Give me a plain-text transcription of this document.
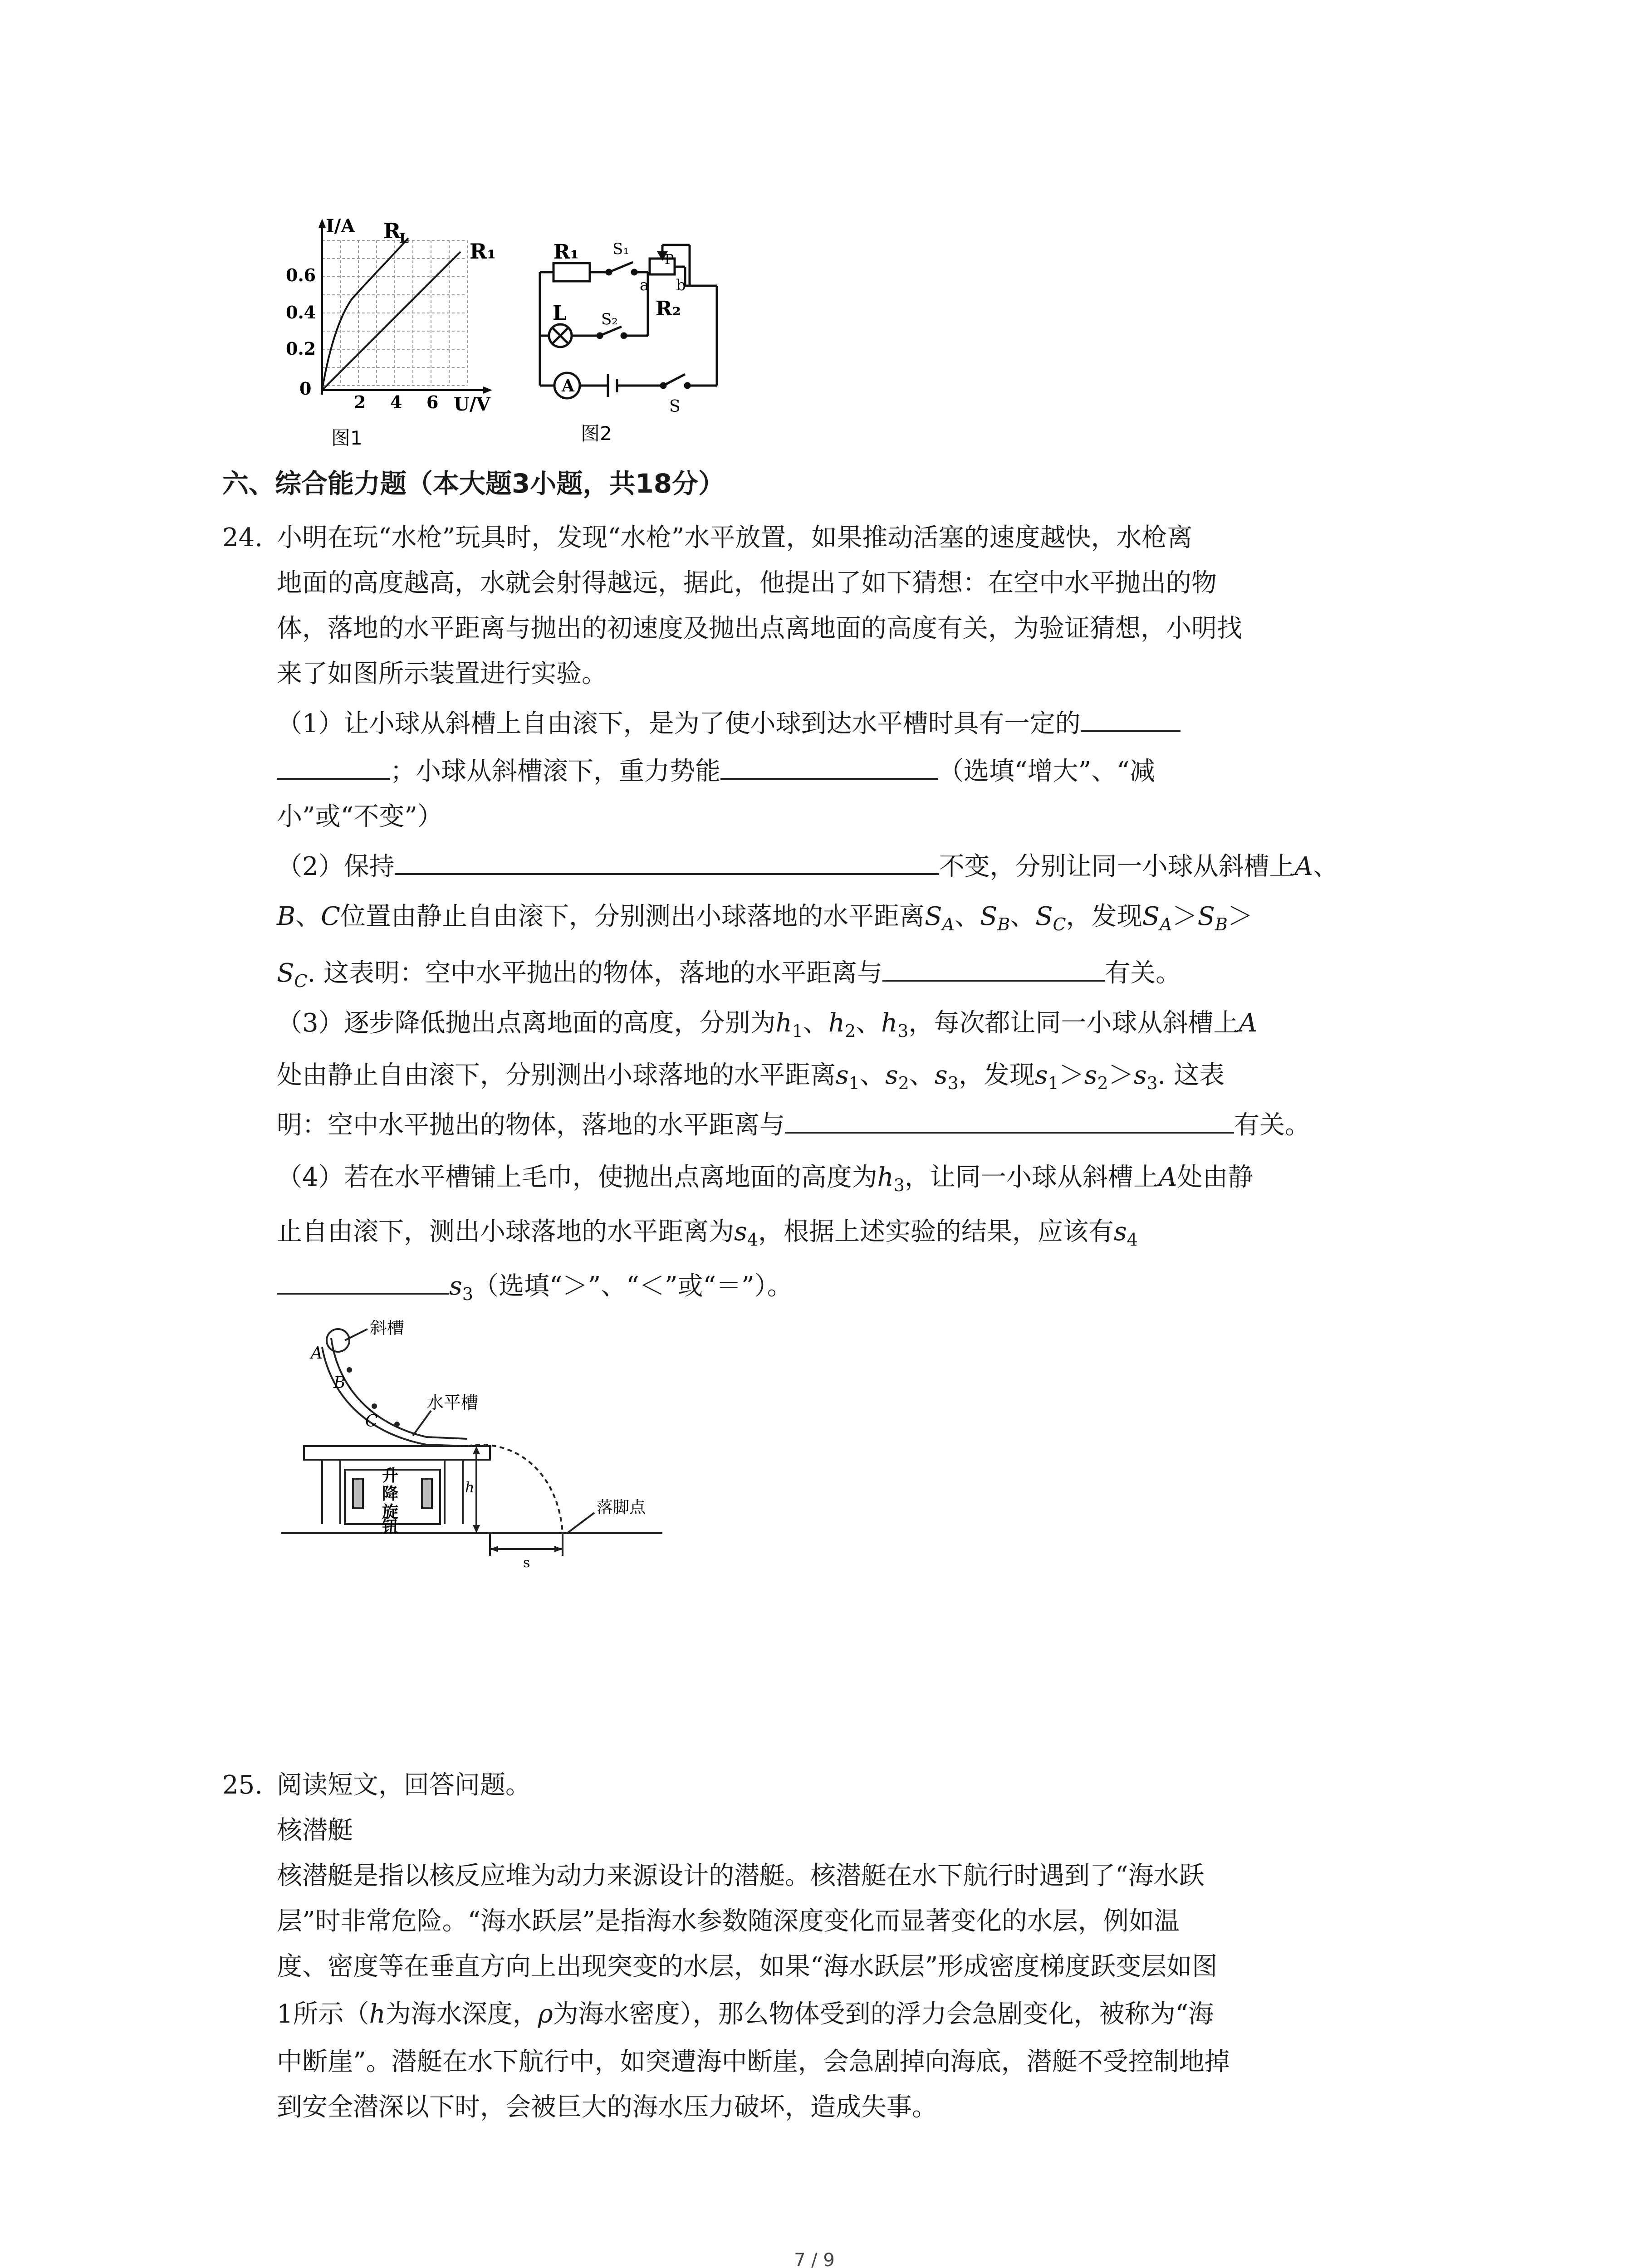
I/A R
L
R₁
0.6
0.4
0.2
0
2 4 6 U/V
图1
R₁ S₁
P
a b
R₂
L S₂
A
S
图2
六、综合能力题（本大题3小题，共18分）
24. 小明在玩“水枪”玩具时，发现“水枪”水平放置，如果推动活塞的速度越快，水枪离
地面的高度越高，水就会射得越远，据此，他提出了如下猜想：在空中水平抛出的物
体，落地的水平距离与抛出的初速度及抛出点离地面的高度有关，为验证猜想，小明找
来了如图所示装置进行实验。
（1）让小球从斜槽上自由滚下，是为了使小球到达水平槽时具有一定的
；小球从斜槽滚下，重力势能	（选填“增大”、“减
小”或“不变”）
（2）保持	不变，分别让同一小球从斜槽上A、
B、C位置由静止自由滚下，分别测出小球落地的水平距离$S_A$、$S_B$、$S_C$，发现$S_A>S_B>$
$S_C$. 这表明：空中水平抛出的物体，落地的水平距离与	有关。
（3）逐步降低抛出点离地面的高度，分别为$h_1$、$h_2$、$h_3$，每次都让同一小球从斜槽上A
处由静止自由滚下，分别测出小球落地的水平距离$s_1$、$s_2$、$s_3$，发现$s_1>s_2>s_3$. 这表
明：空中水平抛出的物体，落地的水平距离与	有关。
（4）若在水平槽铺上毛巾，使抛出点离地面的高度为$h_3$，让同一小球从斜槽上A处由静
止自由滚下，测出小球落地的水平距离为$s_4$，根据上述实验的结果，应该有$s_4$
$s_3$（选填“＞”、“＜”或“＝”）。
A
B
C
斜槽
水平槽
升
降
旋
钮
h
落脚点
s
25. 阅读短文，回答问题。
核潜艇
核潜艇是指以核反应堆为动力来源设计的潜艇。核潜艇在水下航行时遇到了“海水跃
层”时非常危险。“海水跃层”是指海水参数随深度变化而显著变化的水层，例如温
度、密度等在垂直方向上出现突变的水层，如果“海水跃层”形成密度梯度跃变层如图
1所示（h为海水深度，ρ为海水密度），那么物体受到的浮力会急剧变化，被称为“海
中断崖”。潜艇在水下航行中，如突遭海中断崖，会急剧掉向海底，潜艇不受控制地掉
到安全潜深以下时，会被巨大的海水压力破坏，造成失事。
7 / 9
